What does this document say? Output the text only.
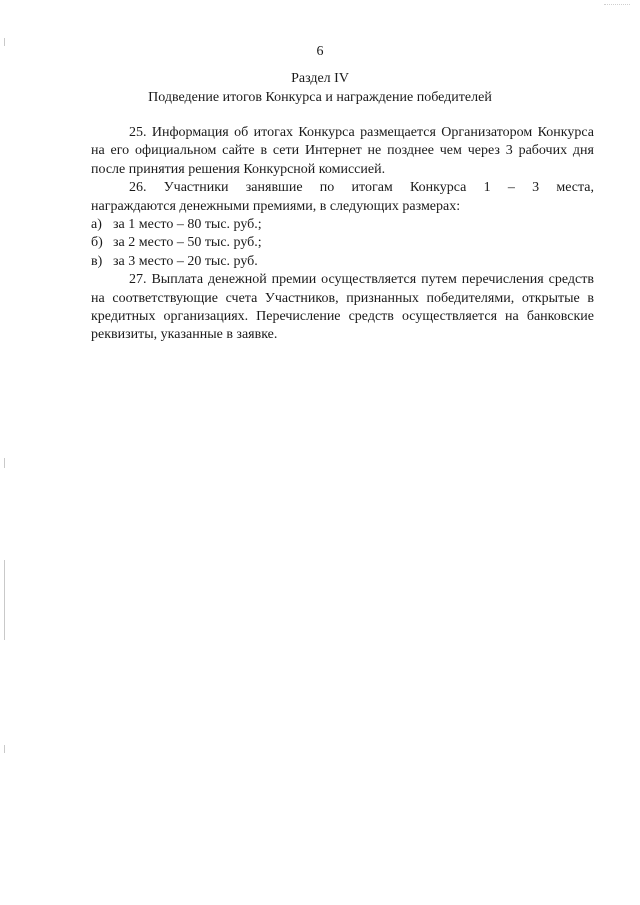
6
Раздел IV
Подведение итогов Конкурса и награждение победителей

25. Информация об итогах Конкурса размещается Организатором Конкурса на его официальном сайте в сети Интернет не позднее чем через 3 рабочих дня после принятия решения Конкурсной комиссией.

26. Участники занявшие по итогам Конкурса 1 – 3 места,

награждаются денежными премиями, в следующих размерах:

а) за 1 место – 80 тыс. руб.;

б) за 2 место – 50 тыс. руб.;

в) за 3 место – 20 тыс. руб.

27. Выплата денежной премии осуществляется путем перечисления средств на соответствующие счета Участников, признанных победителями, открытые в кредитных организациях. Перечисление средств осуществляется на банковские реквизиты, указанные в заявке.
